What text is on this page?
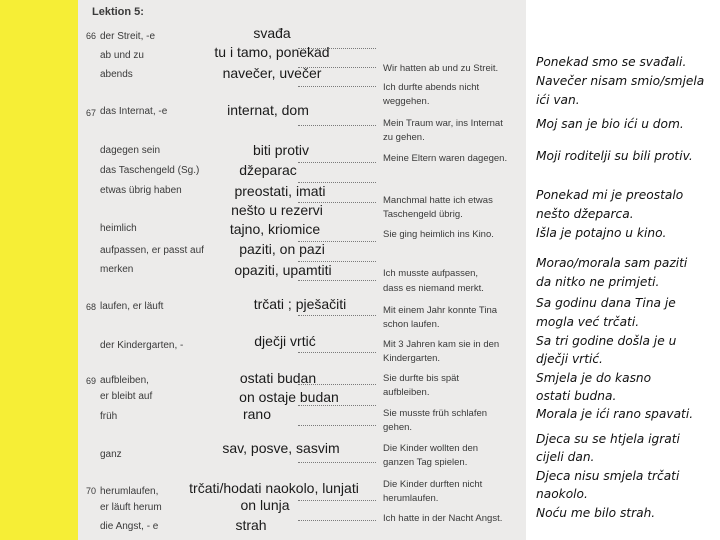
Lektion 5:
66
67
68
69
70
der Streit, -e
ab und zu
abends
das Internat, -e
dagegen sein
das Taschengeld (Sg.)
etwas übrig haben
heimlich
aufpassen, er passt auf
merken
laufen, er läuft
der Kindergarten, -
aufbleiben,
er bleibt auf
früh
ganz
herumlaufen,
er läuft herum
die Angst, - e
Wir hatten ab und zu Streit.
Ich durfte abends nicht
weggehen.
Mein Traum war, ins Internat
zu gehen.
Meine Eltern waren dagegen.
Manchmal hatte ich etwas
Taschengeld übrig.
Sie ging heimlich ins Kino.
Ich musste aufpassen,
dass es niemand merkt.
Mit einem Jahr konnte Tina
schon laufen.
Mit 3 Jahren kam sie in den
Kindergarten.
Sie durfte bis spät
aufbleiben.
Sie musste früh schlafen
gehen.
Die Kinder wollten den
ganzen Tag spielen.
Die Kinder durften nicht
herumlaufen.
Ich hatte in der Nacht Angst.
svađa
tu i tamo, ponekad
navečer, uvečer
internat, dom
biti protiv
džeparac
preostati, imati
nešto u rezervi
tajno, kriomice
paziti, on pazi
opaziti, upamtiti
trčati ; pješačiti
dječji vrtić
ostati budan
on ostaje budan
rano
sav, posve, sasvim
trčati/hodati naokolo, lunjati
on lunja
strah
Ponekad smo se svađali.
Navečer nisam smio/smjela
ići van.
Moj san je bio ići u dom.
Moji roditelji su bili protiv.
Ponekad mi je preostalo
nešto džeparca.
Išla je potajno u kino.
Morao/morala sam paziti
da nitko ne primjeti.
Sa godinu dana Tina je
mogla već trčati.
Sa tri godine došla je u
dječji vrtić.
Smjela je do kasno
ostati budna.
Morala je ići rano spavati.
Djeca su se htjela igrati
cijeli dan.
Djeca nisu smjela trčati
naokolo.
Noću me bilo strah.
